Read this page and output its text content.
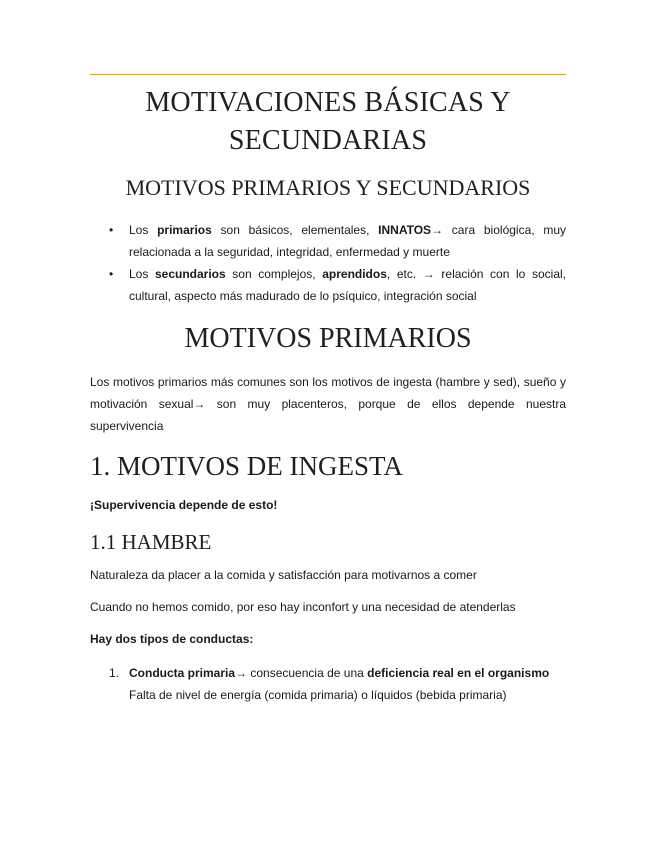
MOTIVACIONES BÁSICAS Y
SECUNDARIAS
MOTIVOS PRIMARIOS Y SECUNDARIOS
• Los primarios son básicos, elementales, INNATOS→ cara biológica, muy relacionada a la seguridad, integridad, enfermedad y muerte
• Los secundarios son complejos, aprendidos, etc. → relación con lo social, cultural, aspecto más madurado de lo psíquico, integración social
MOTIVOS PRIMARIOS

Los motivos primarios más comunes son los motivos de ingesta (hambre y sed), sueño y motivación sexual→ son muy placenteros, porque de ellos depende nuestra supervivencia

1. MOTIVOS DE INGESTA

¡Supervivencia depende de esto!

1.1 HAMBRE

Naturaleza da placer a la comida y satisfacción para motivarnos a comer

Cuando no hemos comido, por eso hay inconfort y una necesidad de atenderlas

Hay dos tipos de conductas:

1. Conducta primaria→ consecuencia de una deficiencia real en el organismo
Falta de nivel de energía (comida primaria) o líquidos (bebida primaria)
